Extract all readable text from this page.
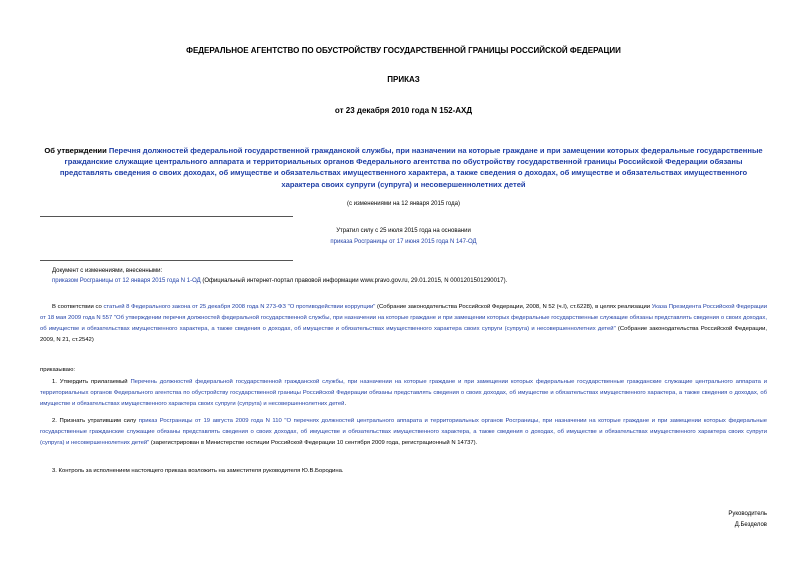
ФЕДЕРАЛЬНОЕ АГЕНТСТВО ПО ОБУСТРОЙСТВУ ГОСУДАРСТВЕННОЙ ГРАНИЦЫ РОССИЙСКОЙ ФЕДЕРАЦИИ
ПРИКАЗ
от 23 декабря 2010 года N 152-АХД
Об утверждении Перечня должностей федеральной государственной гражданской службы, при назначении на которые граждане и при замещении которых федеральные государственные гражданские служащие центрального аппарата и территориальных органов Федерального агентства по обустройству государственной границы Российской Федерации обязаны представлять сведения о своих доходах, об имуществе и обязательствах имущественного характера, а также сведения о доходах, об имуществе и обязательствах имущественного характера своих супруги (супруга) и несовершеннолетних детей
(с изменениями на 12 января 2015 года)
Утратил силу с 25 июля 2015 года на основании
приказа Росграницы от 17 июня 2015 года N 147-ОД
Документ с изменениями, внесенными:
приказом Росграницы от 12 января 2015 года N 1-ОД (Официальный интернет-портал правовой информации www.pravo.gov.ru, 29.01.2015, N 0001201501290017).
В соответствии со статьей 8 Федерального закона от 25 декабря 2008 года N 273-ФЗ "О противодействии коррупции" (Собрание законодательства Российской Федерации, 2008, N 52 (ч.I), ст.6228), в целях реализации Указа Президента Российской Федерации от 18 мая 2009 года N 557 "Об утверждении перечня должностей федеральной государственной службы, при назначении на которые граждане и при замещении которых федеральные государственные служащие обязаны представлять сведения о своих доходах, об имуществе и обязательствах имущественного характера, а также сведения о доходах, об имуществе и обязательствах имущественного характера своих супруги (супруга) и несовершеннолетних детей" (Собрание законодательства Российской Федерации, 2009, N 21, ст.2542)
приказываю:
1. Утвердить прилагаемый Перечень должностей федеральной государственной гражданской службы, при назначении на которые граждане и при замещении которых федеральные государственные гражданские служащие центрального аппарата и территориальных органов Федерального агентства по обустройству государственной границы Российской Федерации обязаны представлять сведения о своих доходах, об имуществе и обязательствах имущественного характера, а также сведения о доходах, об имуществе и обязательствах имущественного характера своих супруги (супруга) и несовершеннолетних детей.
2. Признать утратившим силу приказ Росграницы от 19 августа 2009 года N 110 "О перечнях должностей центрального аппарата и территориальных органов Росграницы, при назначении на которые граждане и при замещении которых федеральные государственные гражданские служащие обязаны представлять сведения о своих доходах, об имуществе и обязательствах имущественного характера, а также сведения о доходах, об имуществе и обязательствах имущественного характера своих супруги (супруга) и несовершеннолетних детей" (зарегистрирован в Министерстве юстиции Российской Федерации 10 сентября 2009 года, регистрационный N 14737).
3. Контроль за исполнением настоящего приказа возложить на заместителя руководителя Ю.В.Бородина.
Руководитель
Д.Безделов
